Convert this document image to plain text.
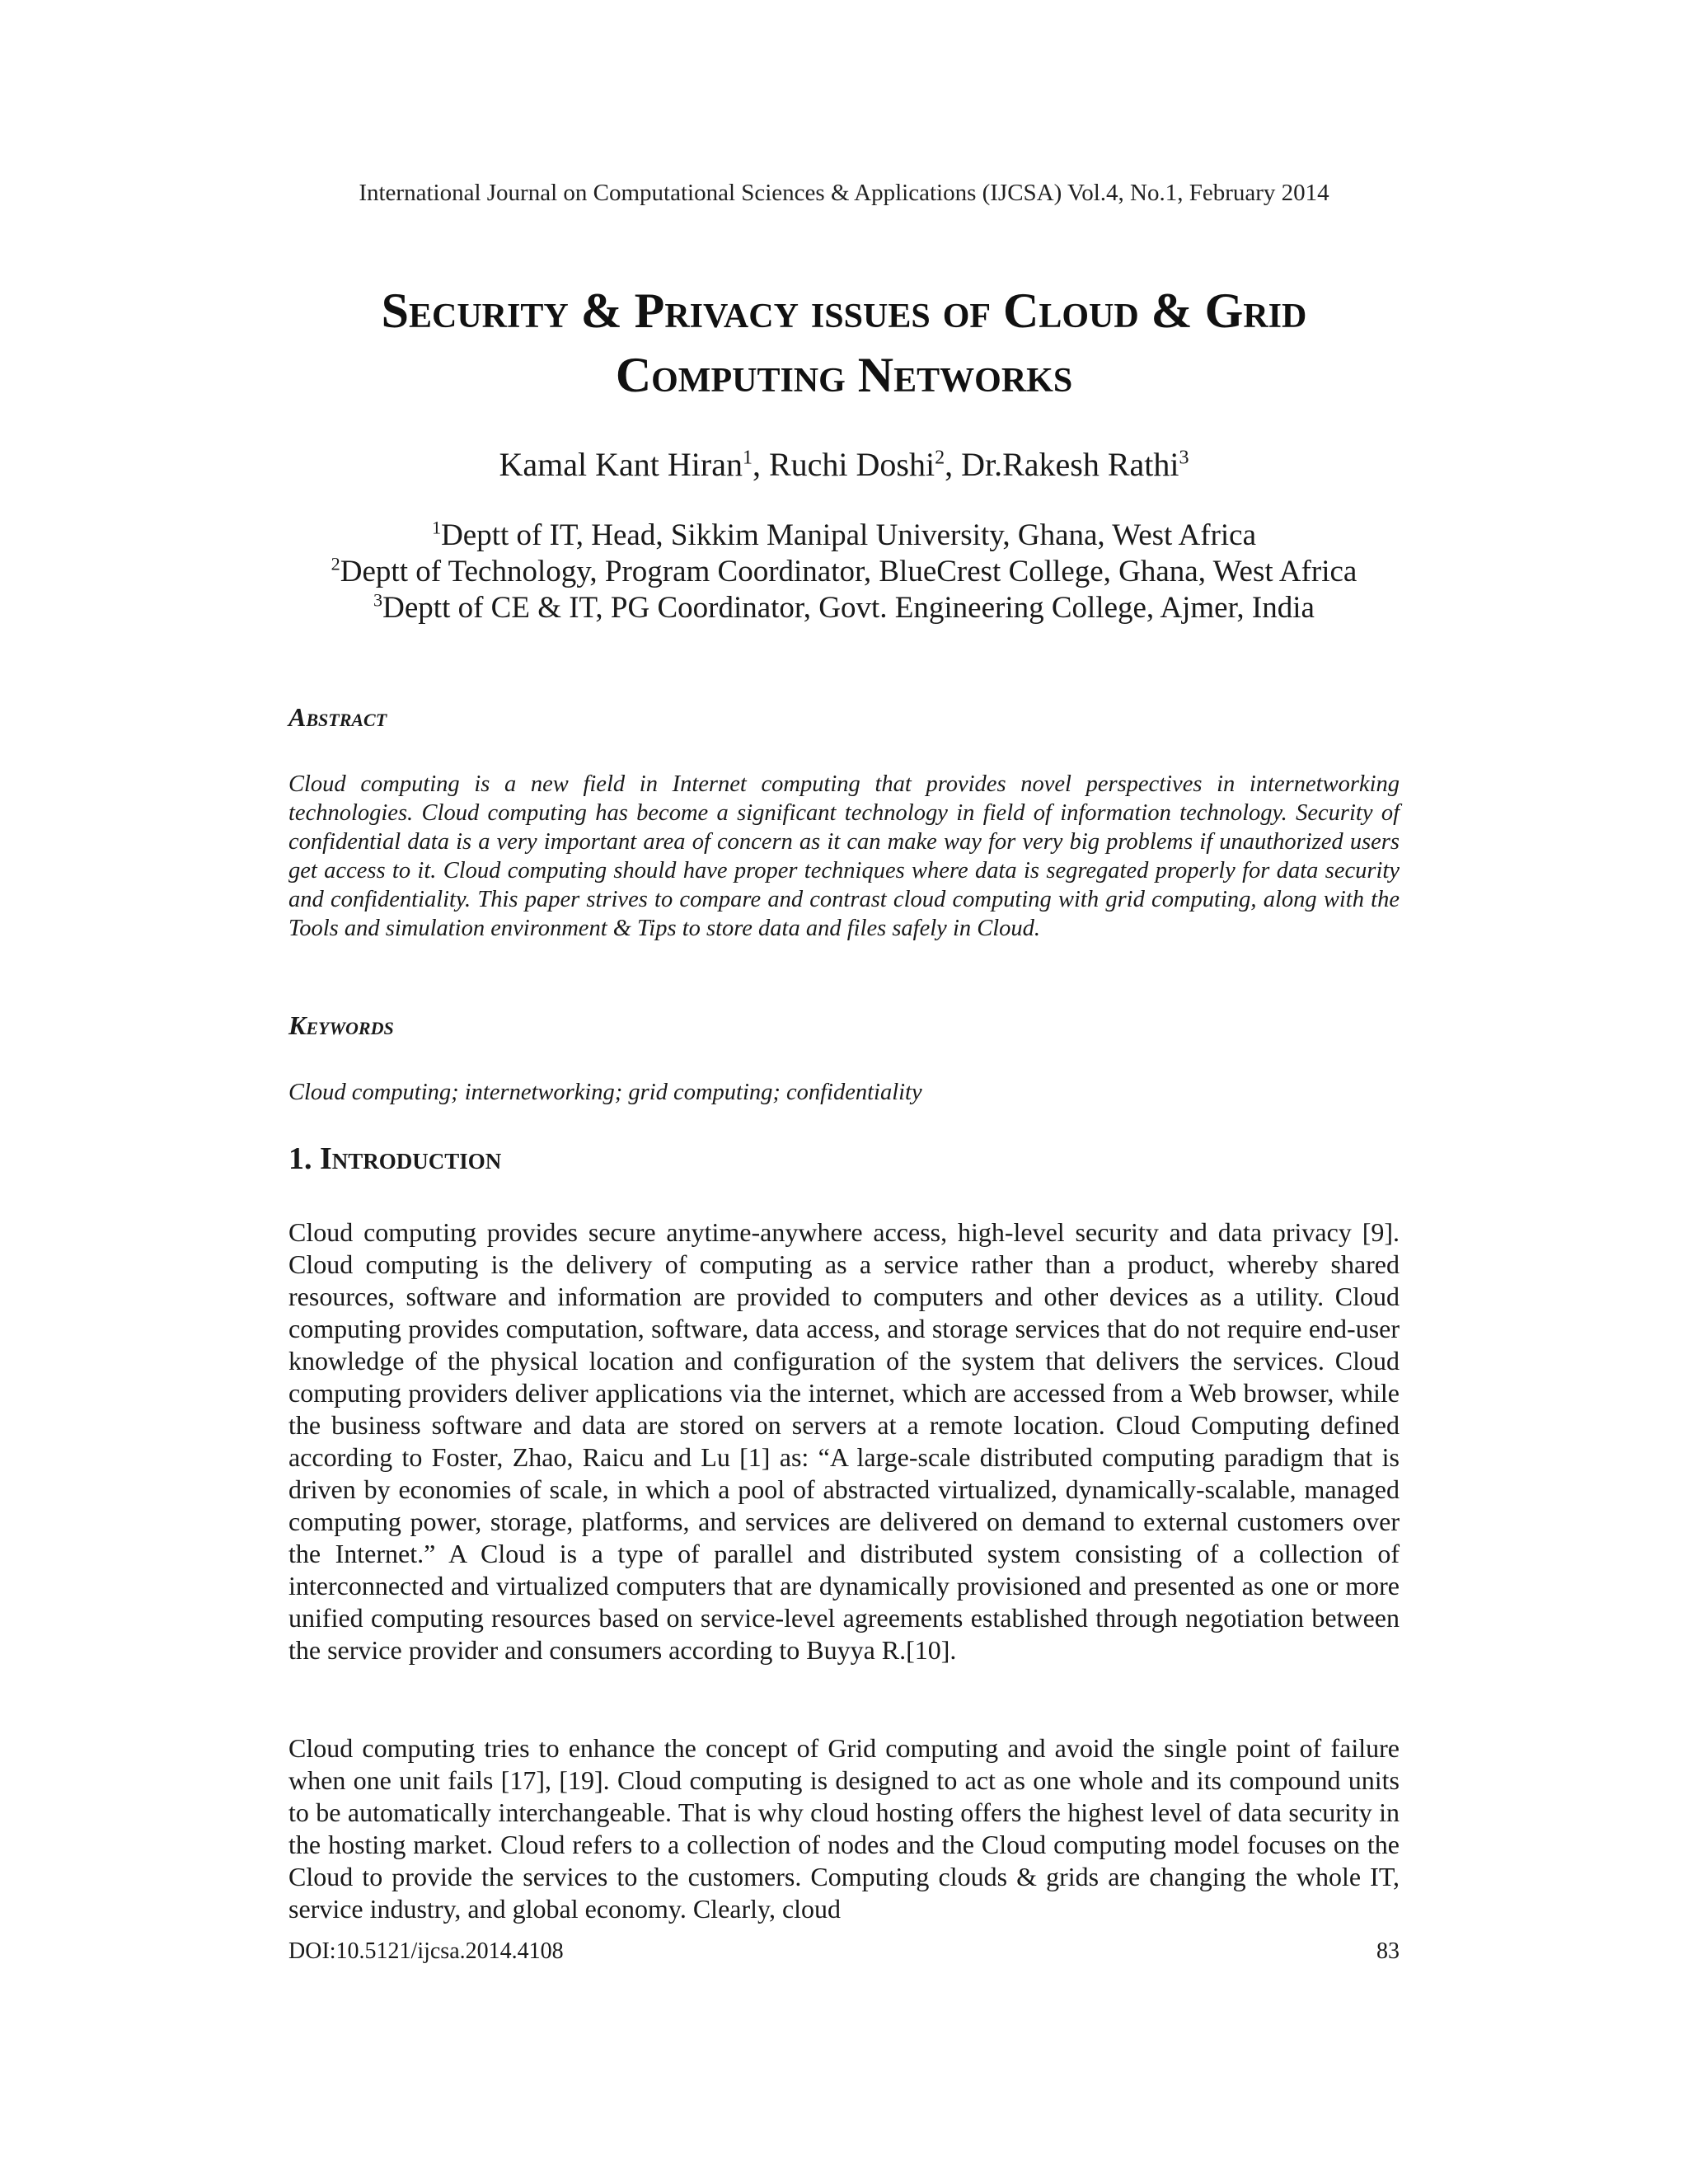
International Journal on Computational Sciences & Applications (IJCSA) Vol.4, No.1, February 2014
Security & Privacy issues of Cloud & Grid
Computing Networks
Kamal Kant Hiran$^1$, Ruchi Doshi$^2$, Dr.Rakesh Rathi$^3$
$^1$Deptt of IT, Head, Sikkim Manipal University, Ghana, West Africa
$^2$Deptt of Technology, Program Coordinator, BlueCrest College, Ghana, West Africa
$^3$Deptt of CE & IT, PG Coordinator, Govt. Engineering College, Ajmer, India
Abstract
Cloud computing is a new field in Internet computing that provides novel perspectives in internetworking technologies. Cloud computing has become a significant technology in field of information technology. Security of confidential data is a very important area of concern as it can make way for very big problems if unauthorized users get access to it. Cloud computing should have proper techniques where data is segregated properly for data security and confidentiality. This paper strives to compare and contrast cloud computing with grid computing, along with the Tools and simulation environment & Tips to store data and files safely in Cloud.
Keywords
Cloud computing; internetworking; grid computing; confidentiality
1. Introduction
Cloud computing provides secure anytime-anywhere access, high-level security and data privacy [9]. Cloud computing is the delivery of computing as a service rather than a product, whereby shared resources, software and information are provided to computers and other devices as a utility. Cloud computing provides computation, software, data access, and storage services that do not require end-user knowledge of the physical location and configuration of the system that delivers the services. Cloud computing providers deliver applications via the internet, which are accessed from a Web browser, while the business software and data are stored on servers at a remote location. Cloud Computing defined according to Foster, Zhao, Raicu and Lu [1] as: “A large-scale distributed computing paradigm that is driven by economies of scale, in which a pool of abstracted virtualized, dynamically-scalable, managed computing power, storage, platforms, and services are delivered on demand to external customers over the Internet.” A Cloud is a type of parallel and distributed system consisting of a collection of interconnected and virtualized computers that are dynamically provisioned and presented as one or more unified computing resources based on service-level agreements established through negotiation between the service provider and consumers according to Buyya R.[10].
Cloud computing tries to enhance the concept of Grid computing and avoid the single point of failure when one unit fails [17], [19]. Cloud computing is designed to act as one whole and its compound units to be automatically interchangeable. That is why cloud hosting offers the highest level of data security in the hosting market. Cloud refers to a collection of nodes and the Cloud computing model focuses on the Cloud to provide the services to the customers. Computing clouds & grids are changing the whole IT, service industry, and global economy. Clearly, cloud
DOI:10.5121/ijcsa.2014.4108	83
